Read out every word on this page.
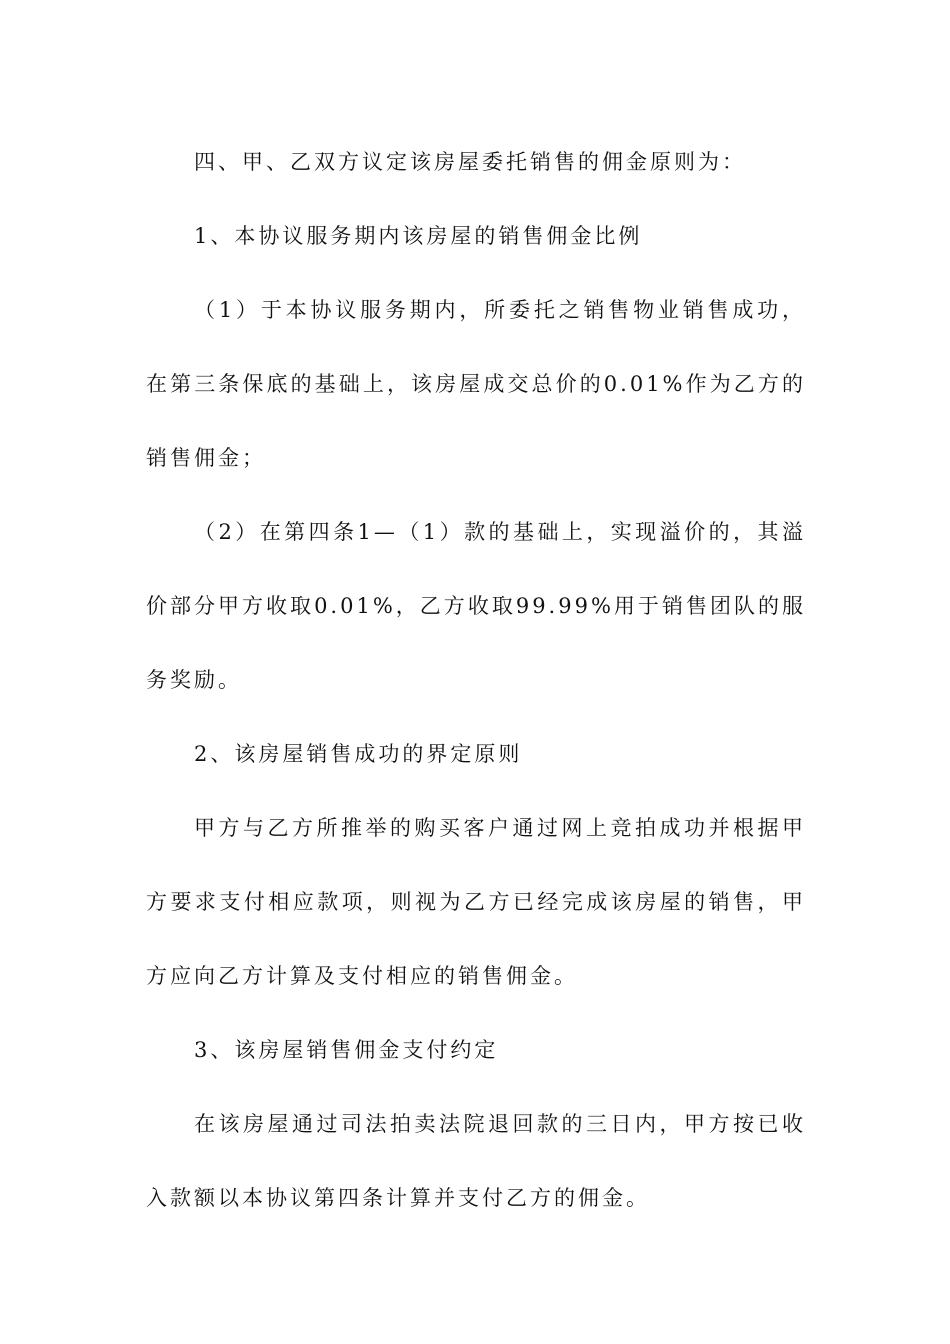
四、甲、乙双方议定该房屋委托销售的佣金原则为：

1、本协议服务期内该房屋的销售佣金比例

（1）于本协议服务期内，所委托之销售物业销售成功，在第三条保底的基础上，该房屋成交总价的0.01%作为乙方的销售佣金；

（2）在第四条1—（1）款的基础上，实现溢价的，其溢价部分甲方收取0.01%，乙方收取99.99%用于销售团队的服务奖励。

2、该房屋销售成功的界定原则

甲方与乙方所推举的购买客户通过网上竞拍成功并根据甲方要求支付相应款项，则视为乙方已经完成该房屋的销售，甲方应向乙方计算及支付相应的销售佣金。

3、该房屋销售佣金支付约定

在该房屋通过司法拍卖法院退回款的三日内，甲方按已收入款额以本协议第四条计算并支付乙方的佣金。
